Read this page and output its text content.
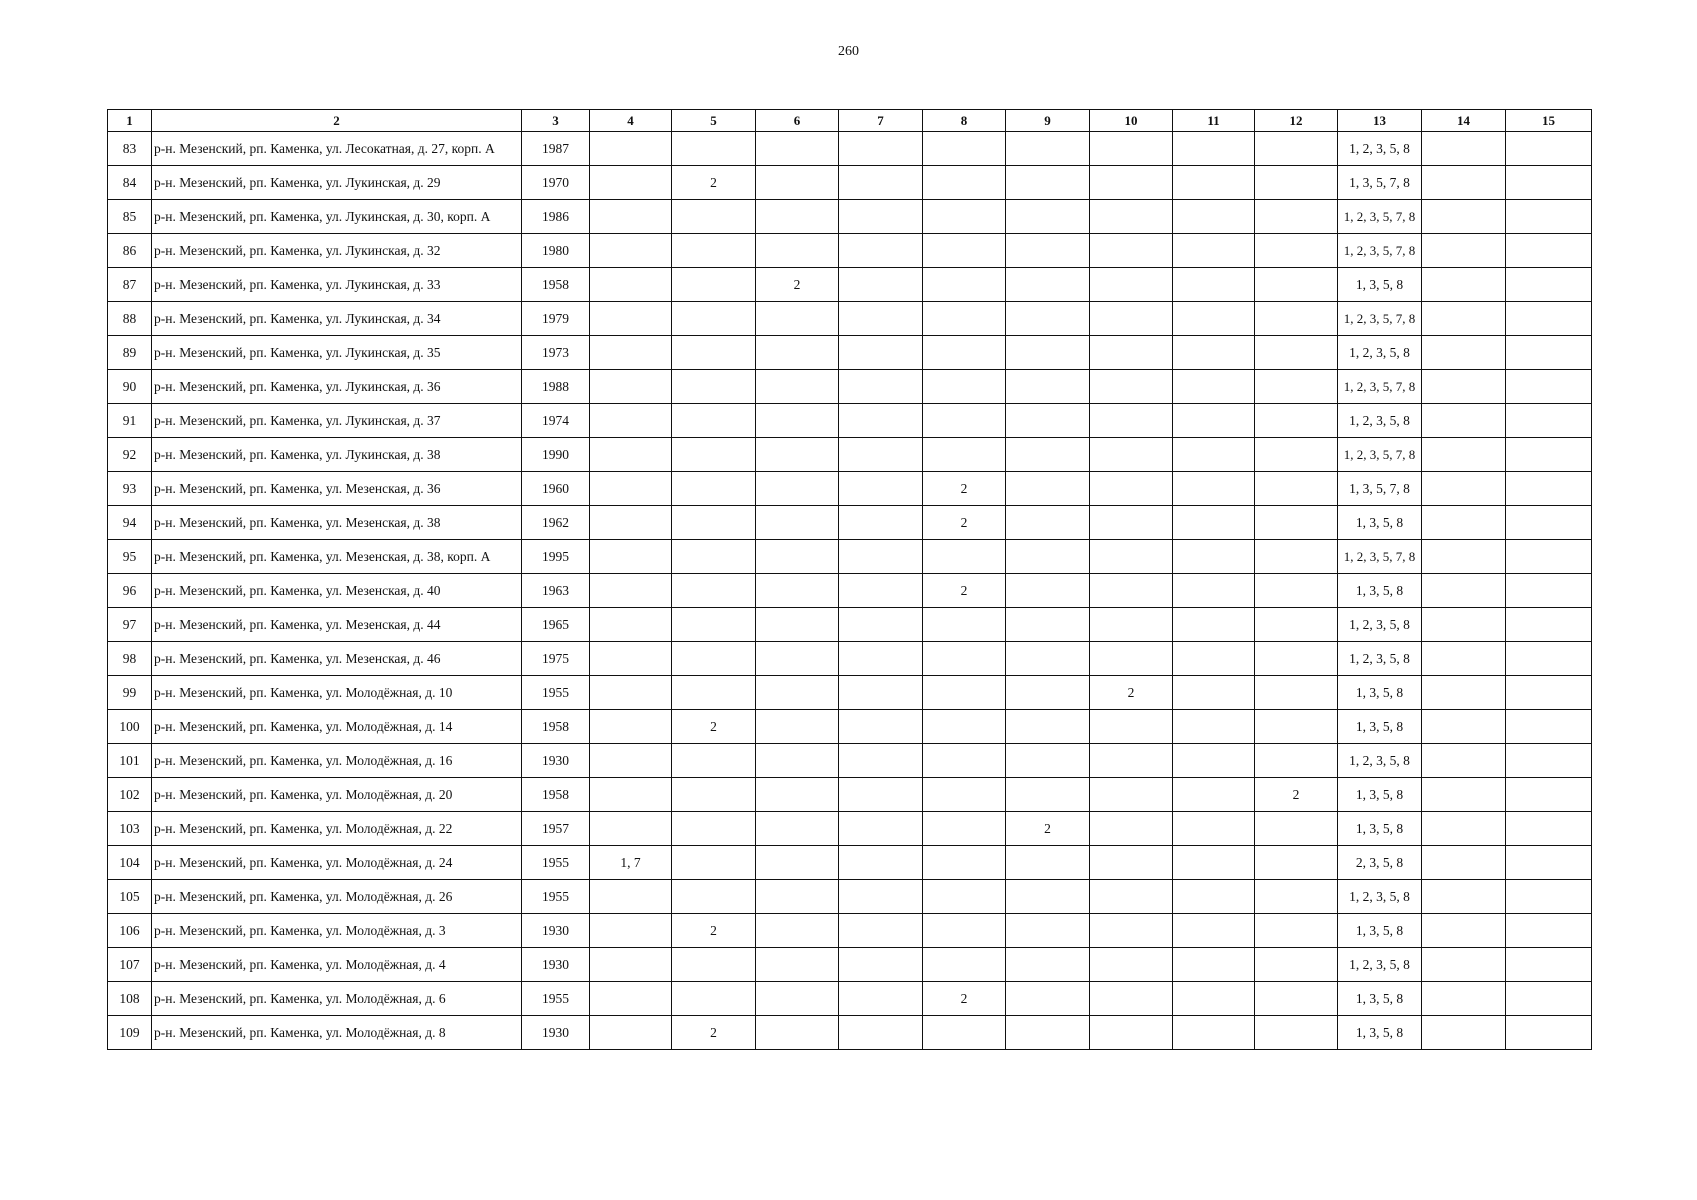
260
1	2	3	4	5	6	7	8	9	10	11	12	13	14	15
83	р-н. Мезенский, рп. Каменка, ул. Лесокатная, д. 27, корп. А	1987										1, 2, 3, 5, 8		
84	р-н. Мезенский, рп. Каменка, ул. Лукинская, д. 29	1970		2								1, 3, 5, 7, 8		
85	р-н. Мезенский, рп. Каменка, ул. Лукинская, д. 30, корп. А	1986										1, 2, 3, 5, 7, 8		
86	р-н. Мезенский, рп. Каменка, ул. Лукинская, д. 32	1980										1, 2, 3, 5, 7, 8		
87	р-н. Мезенский, рп. Каменка, ул. Лукинская, д. 33	1958			2							1, 3, 5, 8		
88	р-н. Мезенский, рп. Каменка, ул. Лукинская, д. 34	1979										1, 2, 3, 5, 7, 8		
89	р-н. Мезенский, рп. Каменка, ул. Лукинская, д. 35	1973										1, 2, 3, 5, 8		
90	р-н. Мезенский, рп. Каменка, ул. Лукинская, д. 36	1988										1, 2, 3, 5, 7, 8		
91	р-н. Мезенский, рп. Каменка, ул. Лукинская, д. 37	1974										1, 2, 3, 5, 8		
92	р-н. Мезенский, рп. Каменка, ул. Лукинская, д. 38	1990										1, 2, 3, 5, 7, 8		
93	р-н. Мезенский, рп. Каменка, ул. Мезенская, д. 36	1960					2					1, 3, 5, 7, 8		
94	р-н. Мезенский, рп. Каменка, ул. Мезенская, д. 38	1962					2					1, 3, 5, 8		
95	р-н. Мезенский, рп. Каменка, ул. Мезенская, д. 38, корп. А	1995										1, 2, 3, 5, 7, 8		
96	р-н. Мезенский, рп. Каменка, ул. Мезенская, д. 40	1963					2					1, 3, 5, 8		
97	р-н. Мезенский, рп. Каменка, ул. Мезенская, д. 44	1965										1, 2, 3, 5, 8		
98	р-н. Мезенский, рп. Каменка, ул. Мезенская, д. 46	1975										1, 2, 3, 5, 8		
99	р-н. Мезенский, рп. Каменка, ул. Молодёжная, д. 10	1955							2			1, 3, 5, 8		
100	р-н. Мезенский, рп. Каменка, ул. Молодёжная, д. 14	1958		2								1, 3, 5, 8		
101	р-н. Мезенский, рп. Каменка, ул. Молодёжная, д. 16	1930										1, 2, 3, 5, 8		
102	р-н. Мезенский, рп. Каменка, ул. Молодёжная, д. 20	1958									2	1, 3, 5, 8		
103	р-н. Мезенский, рп. Каменка, ул. Молодёжная, д. 22	1957						2				1, 3, 5, 8		
104	р-н. Мезенский, рп. Каменка, ул. Молодёжная, д. 24	1955	1, 7									2, 3, 5, 8		
105	р-н. Мезенский, рп. Каменка, ул. Молодёжная, д. 26	1955										1, 2, 3, 5, 8		
106	р-н. Мезенский, рп. Каменка, ул. Молодёжная, д. 3	1930		2								1, 3, 5, 8		
107	р-н. Мезенский, рп. Каменка, ул. Молодёжная, д. 4	1930										1, 2, 3, 5, 8		
108	р-н. Мезенский, рп. Каменка, ул. Молодёжная, д. 6	1955					2					1, 3, 5, 8		
109	р-н. Мезенский, рп. Каменка, ул. Молодёжная, д. 8	1930		2								1, 3, 5, 8		
